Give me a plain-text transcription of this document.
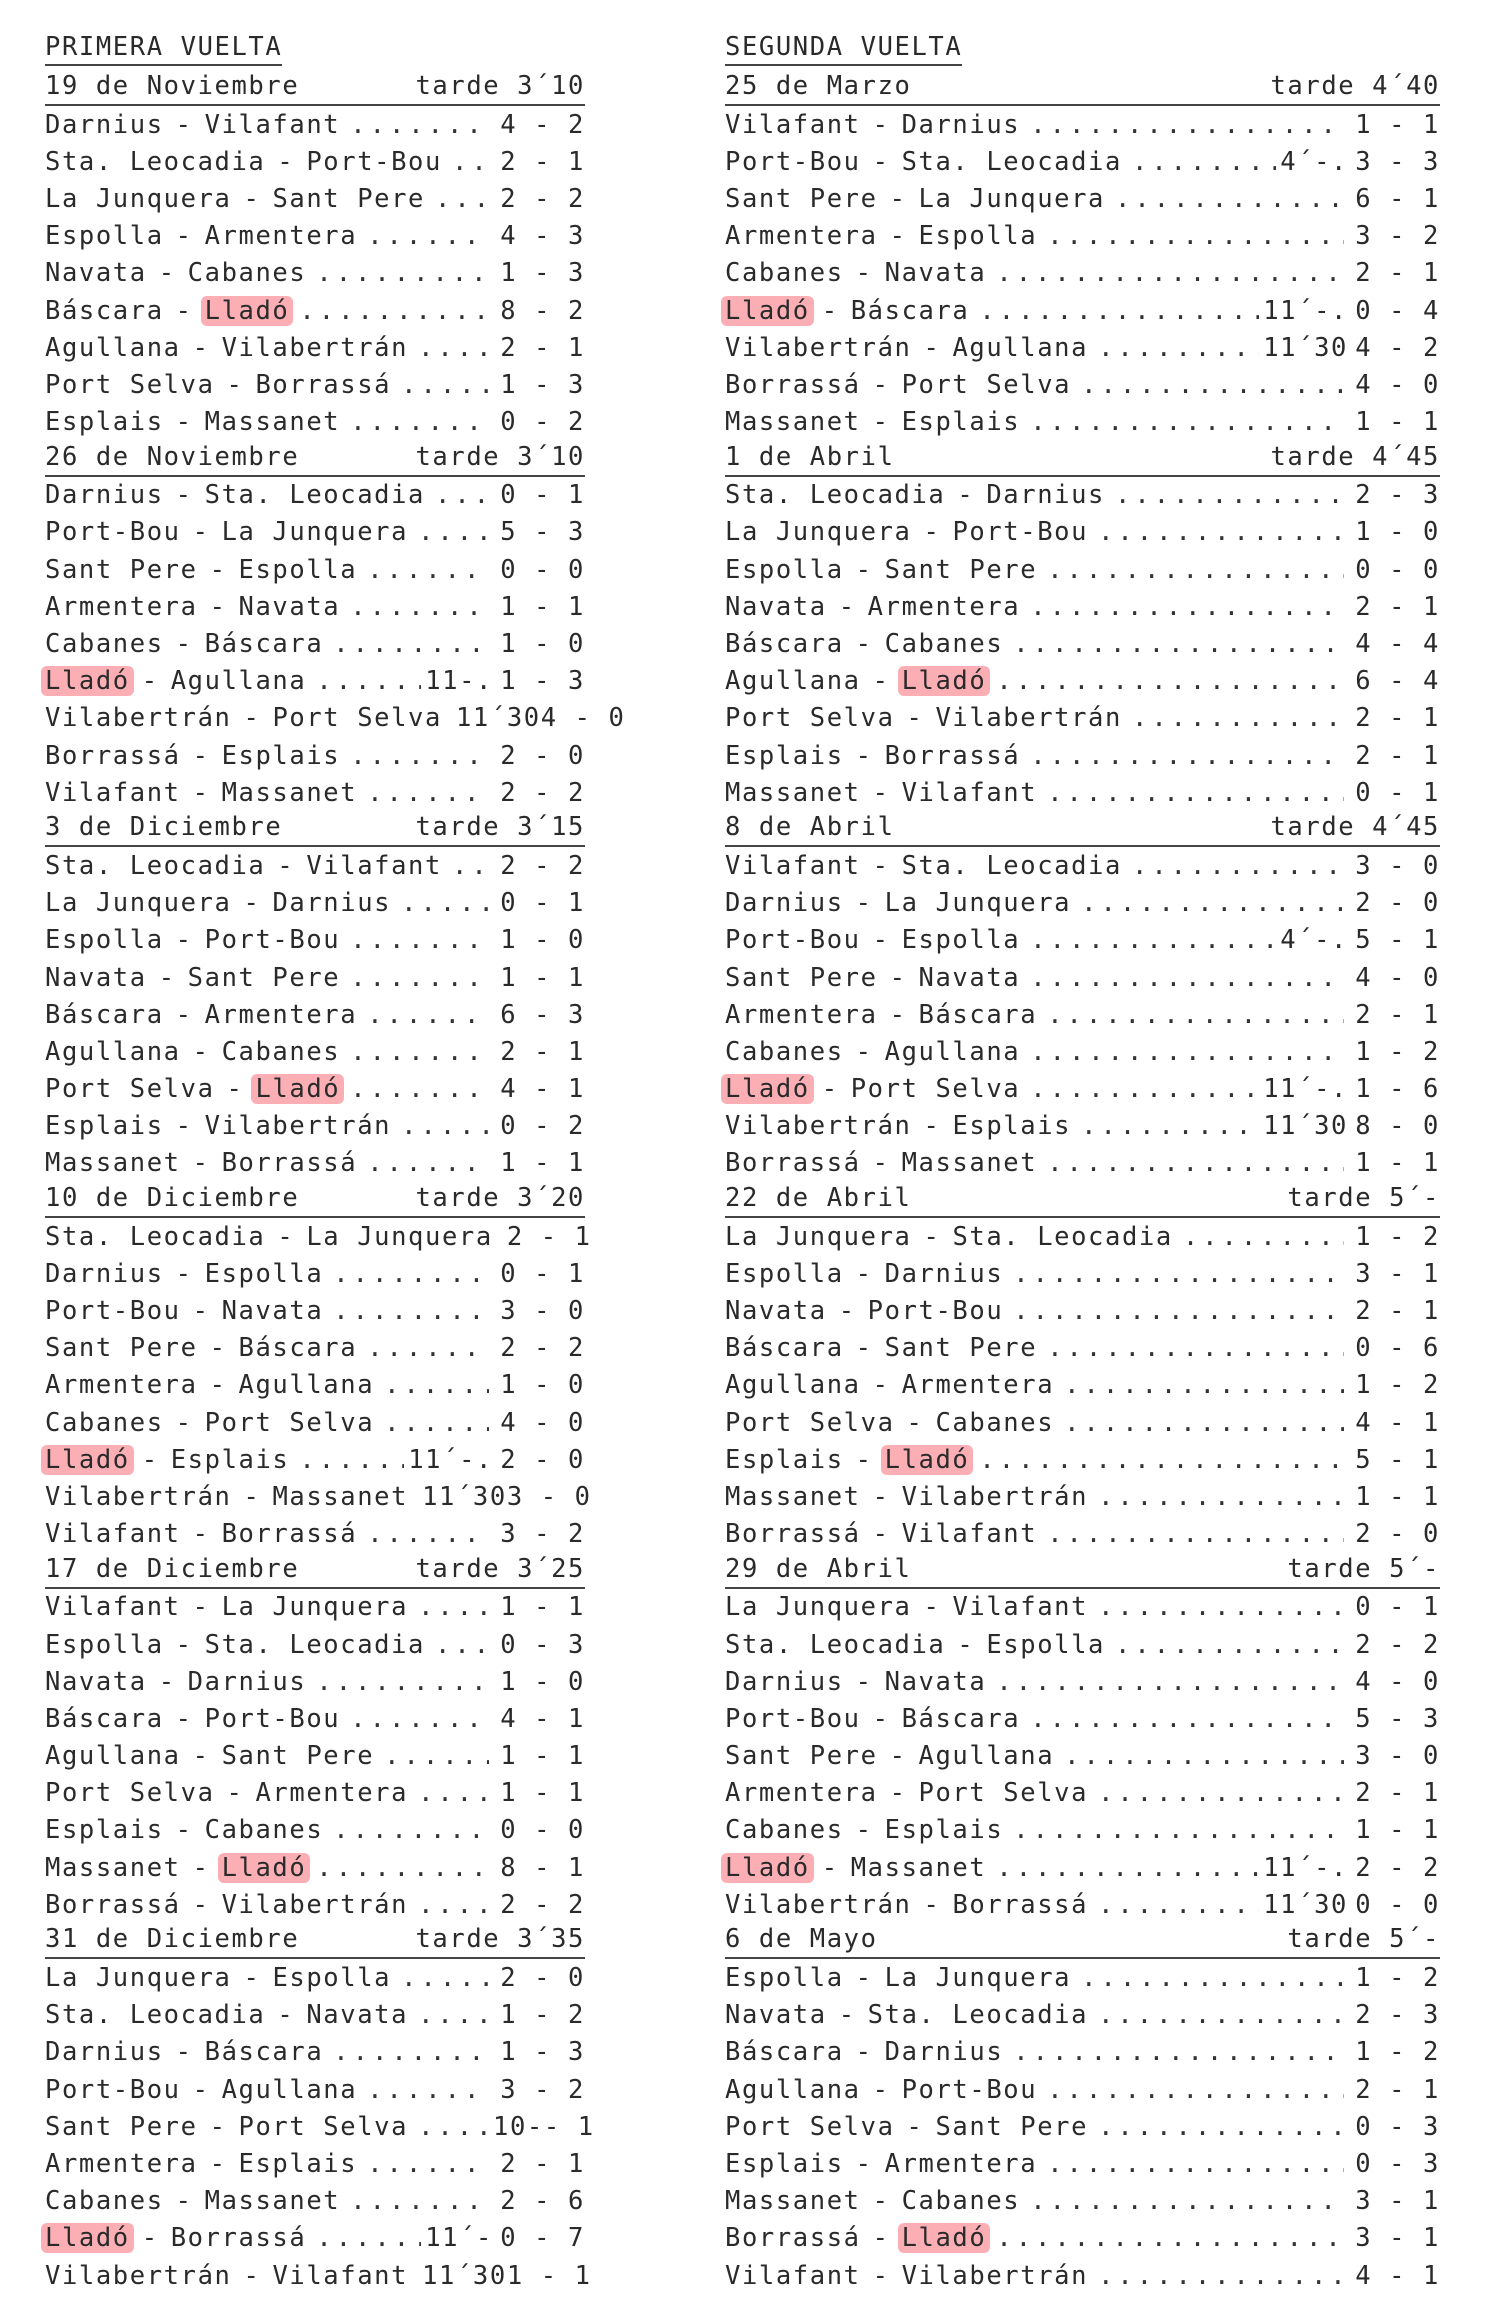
PRIMERA VUELTA
19 de Noviembre	tarde 3´10
Darnius - Vilafant .....	4 - 2
Sta. Leocadia - Port-Bou ..... 2 - 1
La Junquera - Sant Pere .....	2 - 2
Espolla - Armentera .....	4 - 3
Navata - Cabanes .....	1 - 3
Báscara - Lladó .....	8 - 2
Agullana - Vilabertrán .....	2 - 1
Port Selva - Borrassá .....	1 - 3
Esplais - Massanet .....	0 - 2
26 de Noviembre	tarde 3´10
Darnius - Sta. Leocadia .....	0 - 1
Port-Bou - La Junquera .....	5 - 3
Sant Pere - Espolla .....	0 - 0
Armentera - Navata .....	1 - 1
Cabanes - Báscara .....	1 - 0
Lladó - Agullana .....	11-. 1 - 3
Vilabertrán - Port Selva 11´30 4 - 0
Borrassá - Esplais .....	2 - 0
Vilafant - Massanet .....	2 - 2
3 de Diciembre	tarde 3´15
Sta. Leocadia - Vilafant ..... 2 - 2
La Junquera - Darnius .....	0 - 1
Espolla - Port-Bou .....	1 - 0
Navata - Sant Pere .....	1 - 1
Báscara - Armentera .....	6 - 3
Agullana - Cabanes .....	2 - 1
Port Selva - Lladó .....	4 - 1
Esplais - Vilabertrán .....	0 - 2
Massanet - Borrassá .....	1 - 1
10 de Diciembre	tarde 3´20
Sta. Leocadia - La Junquera 2 - 1
Darnius - Espolla .....	0 - 1
Port-Bou - Navata .....	3 - 0
Sant Pere - Báscara .....	2 - 2
Armentera - Agullana .....	1 - 0
Cabanes - Port Selva .....	4 - 0
Lladó - Esplais .....	11´-. 2 - 0
Vilabertrán - Massanet 11´30 3 - 0
Vilafant - Borrassá .....	3 - 2
17 de Diciembre	tarde 3´25
Vilafant - La Junquera .....	1 - 1
Espolla - Sta. Leocadia .....	0 - 3
Navata - Darnius .....	1 - 0
Báscara - Port-Bou .....	4 - 1
Agullana - Sant Pere .....	1 - 1
Port Selva - Armentera .....	1 - 1
Esplais - Cabanes .....	0 - 0
Massanet - Lladó .....	8 - 1
Borrassá - Vilabertrán .....	2 - 2
31 de Diciembre	tarde 3´35
La Junquera - Espolla .....	2 - 0
Sta. Leocadia - Navata .....	1 - 2
Darnius - Báscara .....	1 - 3
Port-Bou - Agullana .....	3 - 2
Sant Pere - Port Selva .....	10-- 1
Armentera - Esplais .....	2 - 1
Cabanes - Massanet .....	2 - 6
Lladó - Borrassá .....	11´- 0 - 7
Vilabertrán - Vilafant 11´30 1 - 1
SEGUNDA VUELTA
25 de Marzo	tarde 4´40
Vilafant - Darnius .....	1 - 1
Port-Bou - Sta. Leocadia .....	4´-. 3 - 3
Sant Pere - La Junquera .....	6 - 1
Armentera - Espolla .....	3 - 2
Cabanes - Navata .....	2 - 1
Lladó - Báscara .....	11´-. 0 - 4
Vilabertrán - Agullana .....	11´30 4 - 2
Borrassá - Port Selva .....	4 - 0
Massanet - Esplais .....	1 - 1
1 de Abril	tarde 4´45
Sta. Leocadia - Darnius .....	2 - 3
La Junquera - Port-Bou .....	1 - 0
Espolla - Sant Pere .....	0 - 0
Navata - Armentera .....	2 - 1
Báscara - Cabanes .....	4 - 4
Agullana - Lladó .....	6 - 4
Port Selva - Vilabertrán .....	2 - 1
Esplais - Borrassá .....	2 - 1
Massanet - Vilafant .....	0 - 1
8 de Abril	tarde 4´45
Vilafant - Sta. Leocadia .....	3 - 0
Darnius - La Junquera .....	2 - 0
Port-Bou - Espolla .....	4´-. 5 - 1
Sant Pere - Navata .....	4 - 0
Armentera - Báscara .....	2 - 1
Cabanes - Agullana .....	1 - 2
Lladó - Port Selva .....	11´-. 1 - 6
Vilabertrán - Esplais .....	11´30 8 - 0
Borrassá - Massanet .....	1 - 1
22 de Abril	tarde 5´-
La Junquera - Sta. Leocadia .....	1 - 2
Espolla - Darnius .....	3 - 1
Navata - Port-Bou .....	2 - 1
Báscara - Sant Pere .....	0 - 6
Agullana - Armentera .....	1 - 2
Port Selva - Cabanes .....	4 - 1
Esplais - Lladó .....	5 - 1
Massanet - Vilabertrán .....	1 - 1
Borrassá - Vilafant .....	2 - 0
29 de Abril	tarde 5´-
La Junquera - Vilafant .....	0 - 1
Sta. Leocadia - Espolla .....	2 - 2
Darnius - Navata .....	4 - 0
Port-Bou - Báscara .....	5 - 3
Sant Pere - Agullana .....	3 - 0
Armentera - Port Selva .....	2 - 1
Cabanes - Esplais .....	1 - 1
Lladó - Massanet .....	11´-. 2 - 2
Vilabertrán - Borrassá .....	11´30 0 - 0
6 de Mayo	tarde 5´-
Espolla - La Junquera .....	1 - 2
Navata - Sta. Leocadia .....	2 - 3
Báscara - Darnius .....	1 - 2
Agullana - Port-Bou .....	2 - 1
Port Selva - Sant Pere .....	0 - 3
Esplais - Armentera .....	0 - 3
Massanet - Cabanes .....	3 - 1
Borrassá - Lladó .....	3 - 1
Vilafant - Vilabertrán .....	4 - 1
